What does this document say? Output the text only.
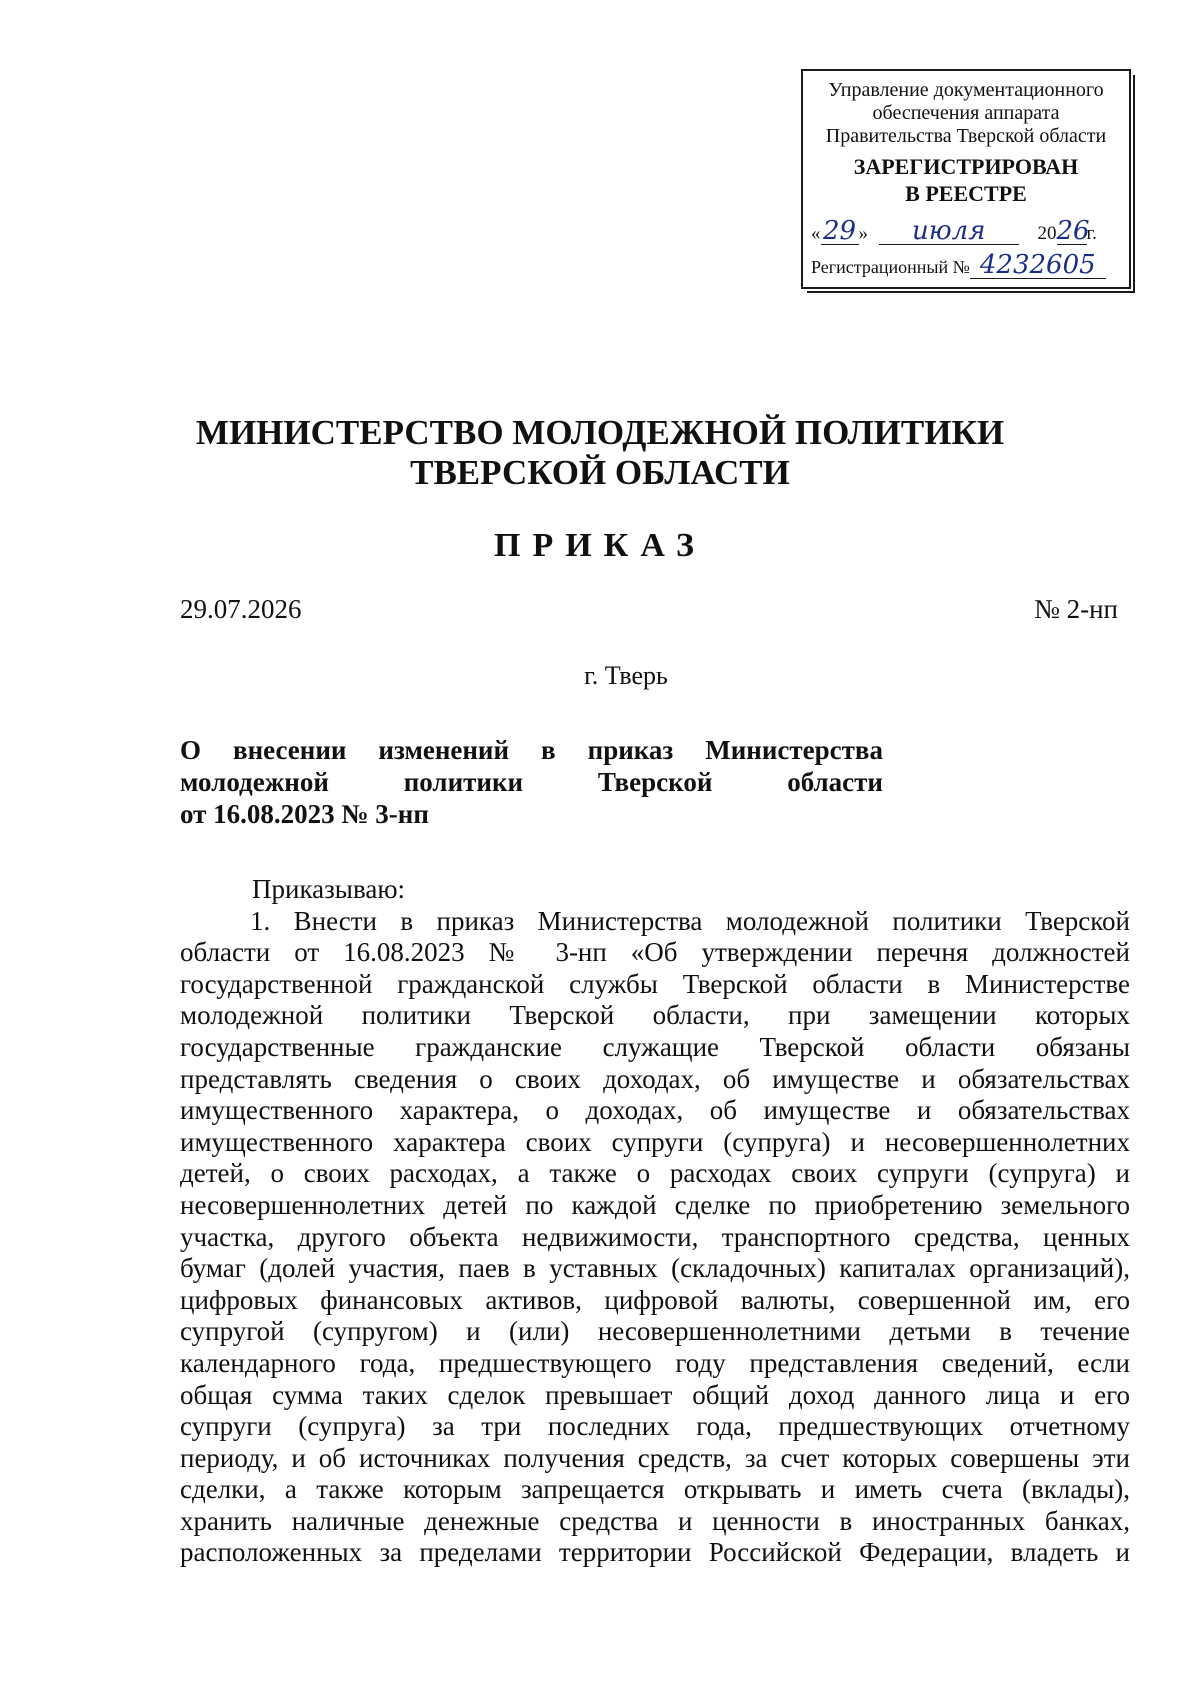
Управление документационного
обеспечения аппарата
Правительства Тверской области
ЗАРЕГИСТРИРОВАН
В РЕЕСТРЕ
«29 » июля	2026г.
Регистрационный № 4232605
МИНИСТЕРСТВО МОЛОДЕЖНОЙ ПОЛИТИКИ
ТВЕРСКОЙ ОБЛАСТИ
ПРИКАЗ
29.07.2026	№ 2-нп
г. Тверь
О внесении изменений в приказ Министерства
молодежной политики Тверской области
от 16.08.2023 № 3-нп
Приказываю:
1. Внести в приказ Министерства молодежной политики Тверской
области от 16.08.2023 № 3-нп «Об утверждении перечня должностей
государственной гражданской службы Тверской области в Министерстве
молодежной политики Тверской области, при замещении которых
государственные гражданские служащие Тверской области обязаны
представлять сведения о своих доходах, об имуществе и обязательствах
имущественного характера, о доходах, об имуществе и обязательствах
имущественного характера своих супруги (супруга) и несовершеннолетних
детей, о своих расходах, а также о расходах своих супруги (супруга) и
несовершеннолетних детей по каждой сделке по приобретению земельного
участка, другого объекта недвижимости, транспортного средства, ценных
бумаг (долей участия, паев в уставных (складочных) капиталах организаций),
цифровых финансовых активов, цифровой валюты, совершенной им, его
супругой (супругом) и (или) несовершеннолетними детьми в течение
календарного года, предшествующего году представления сведений, если
общая сумма таких сделок превышает общий доход данного лица и его
супруги (супруга) за три последних года, предшествующих отчетному
периоду, и об источниках получения средств, за счет которых совершены эти
сделки, а также которым запрещается открывать и иметь счета (вклады),
хранить наличные денежные средства и ценности в иностранных банках,
расположенных за пределами территории Российской Федерации, владеть и
